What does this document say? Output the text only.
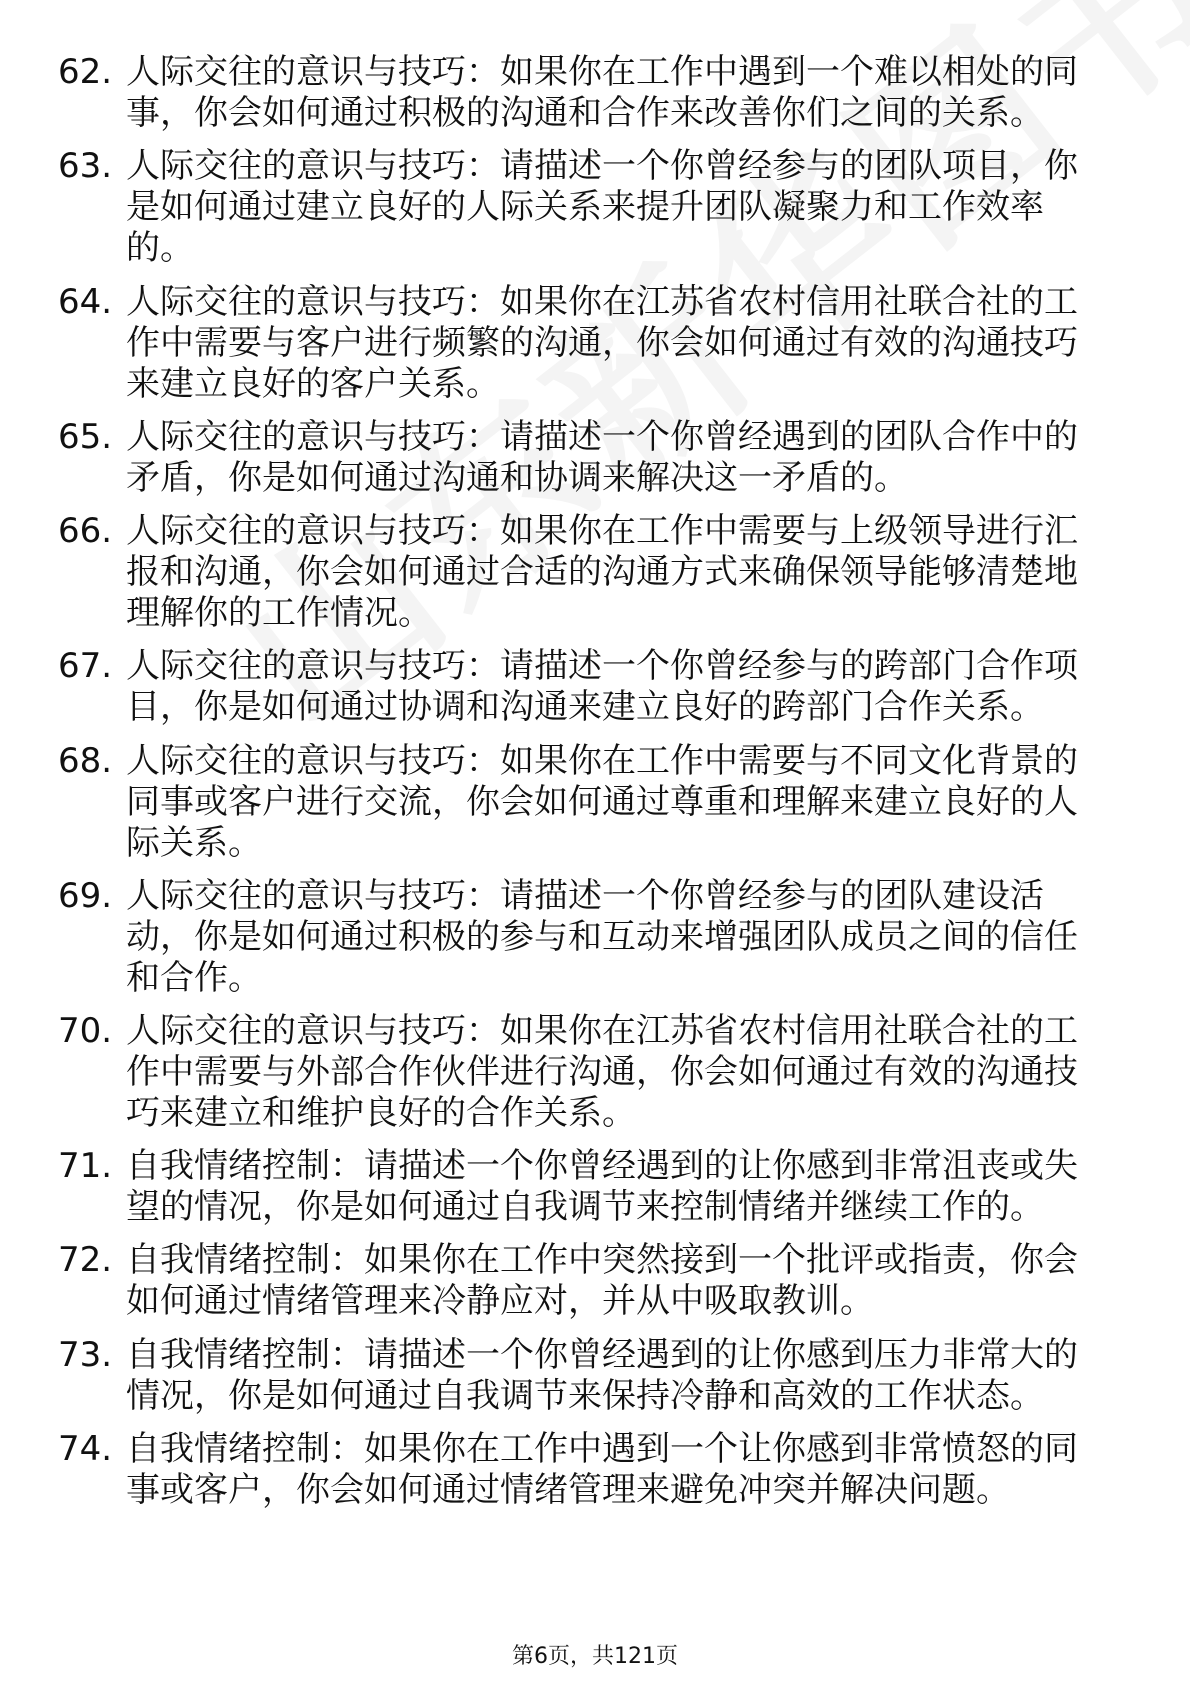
62. 人际交往的意识与技巧：如果你在工作中遇到一个难以相处的同事，你会如何通过积极的沟通和合作来改善你们之间的关系。
63. 人际交往的意识与技巧：请描述一个你曾经参与的团队项目，你是如何通过建立良好的人际关系来提升团队凝聚力和工作效率的。
64. 人际交往的意识与技巧：如果你在江苏省农村信用社联合社的工作中需要与客户进行频繁的沟通，你会如何通过有效的沟通技巧来建立良好的客户关系。
65. 人际交往的意识与技巧：请描述一个你曾经遇到的团队合作中的矛盾，你是如何通过沟通和协调来解决这一矛盾的。
66. 人际交往的意识与技巧：如果你在工作中需要与上级领导进行汇报和沟通，你会如何通过合适的沟通方式来确保领导能够清楚地理解你的工作情况。
67. 人际交往的意识与技巧：请描述一个你曾经参与的跨部门合作项目，你是如何通过协调和沟通来建立良好的跨部门合作关系。
68. 人际交往的意识与技巧：如果你在工作中需要与不同文化背景的同事或客户进行交流，你会如何通过尊重和理解来建立良好的人际关系。
69. 人际交往的意识与技巧：请描述一个你曾经参与的团队建设活动，你是如何通过积极的参与和互动来增强团队成员之间的信任和合作。
70. 人际交往的意识与技巧：如果你在江苏省农村信用社联合社的工作中需要与外部合作伙伴进行沟通，你会如何通过有效的沟通技巧来建立和维护良好的合作关系。
71. 自我情绪控制：请描述一个你曾经遇到的让你感到非常沮丧或失望的情况，你是如何通过自我调节来控制情绪并继续工作的。
72. 自我情绪控制：如果你在工作中突然接到一个批评或指责，你会如何通过情绪管理来冷静应对，并从中吸取教训。
73. 自我情绪控制：请描述一个你曾经遇到的让你感到压力非常大的情况，你是如何通过自我调节来保持冷静和高效的工作状态。
74. 自我情绪控制：如果你在工作中遇到一个让你感到非常愤怒的同事或客户，你会如何通过情绪管理来避免冲突并解决问题。
第6页，共121页
